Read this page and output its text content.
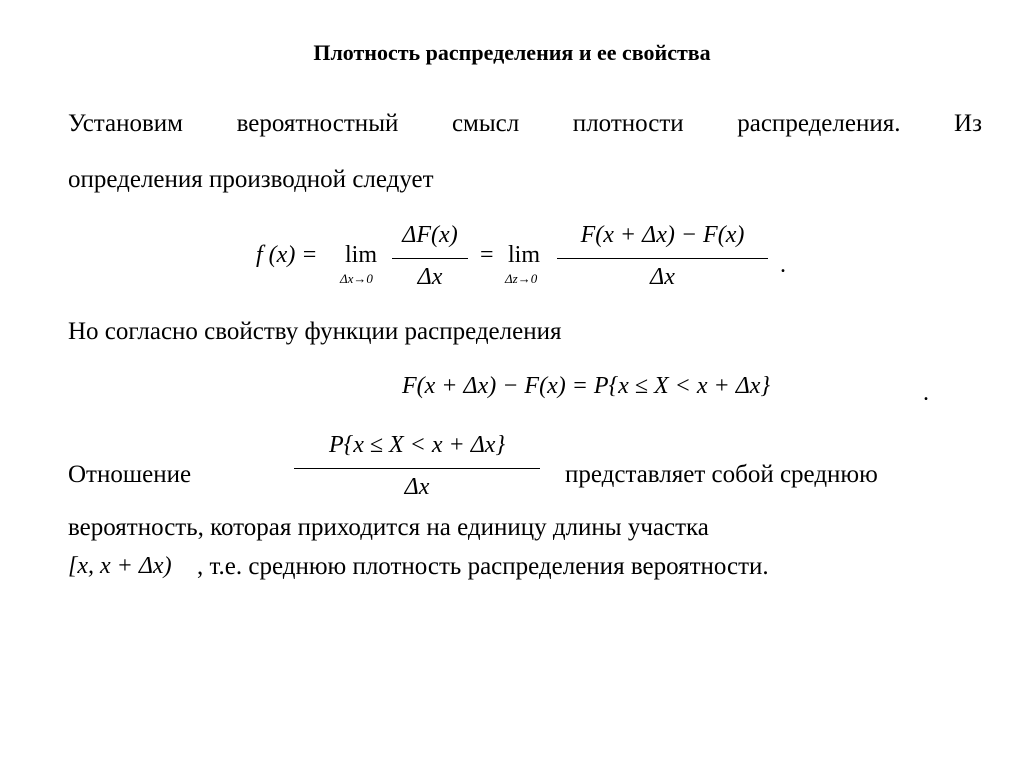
Плотность распределения и ее свойства
Установим вероятностный смысл плотности распределения. Из
определения производной следует
f (x) = lim
Δx→0
ΔF(x)
Δx
= lim
Δz→0
F(x + Δx) − F(x)
Δx	.
Но согласно свойству функции распределения
F(x + Δx) − F(x) = P{x ≤ X < x + Δx}	.
Отношение
P{x ≤ X < x + Δx}
Δx	представляет собой среднюю
вероятность, которая приходится на единицу длины участка
[x, x + Δx) , т.е. среднюю плотность распределения вероятности.
